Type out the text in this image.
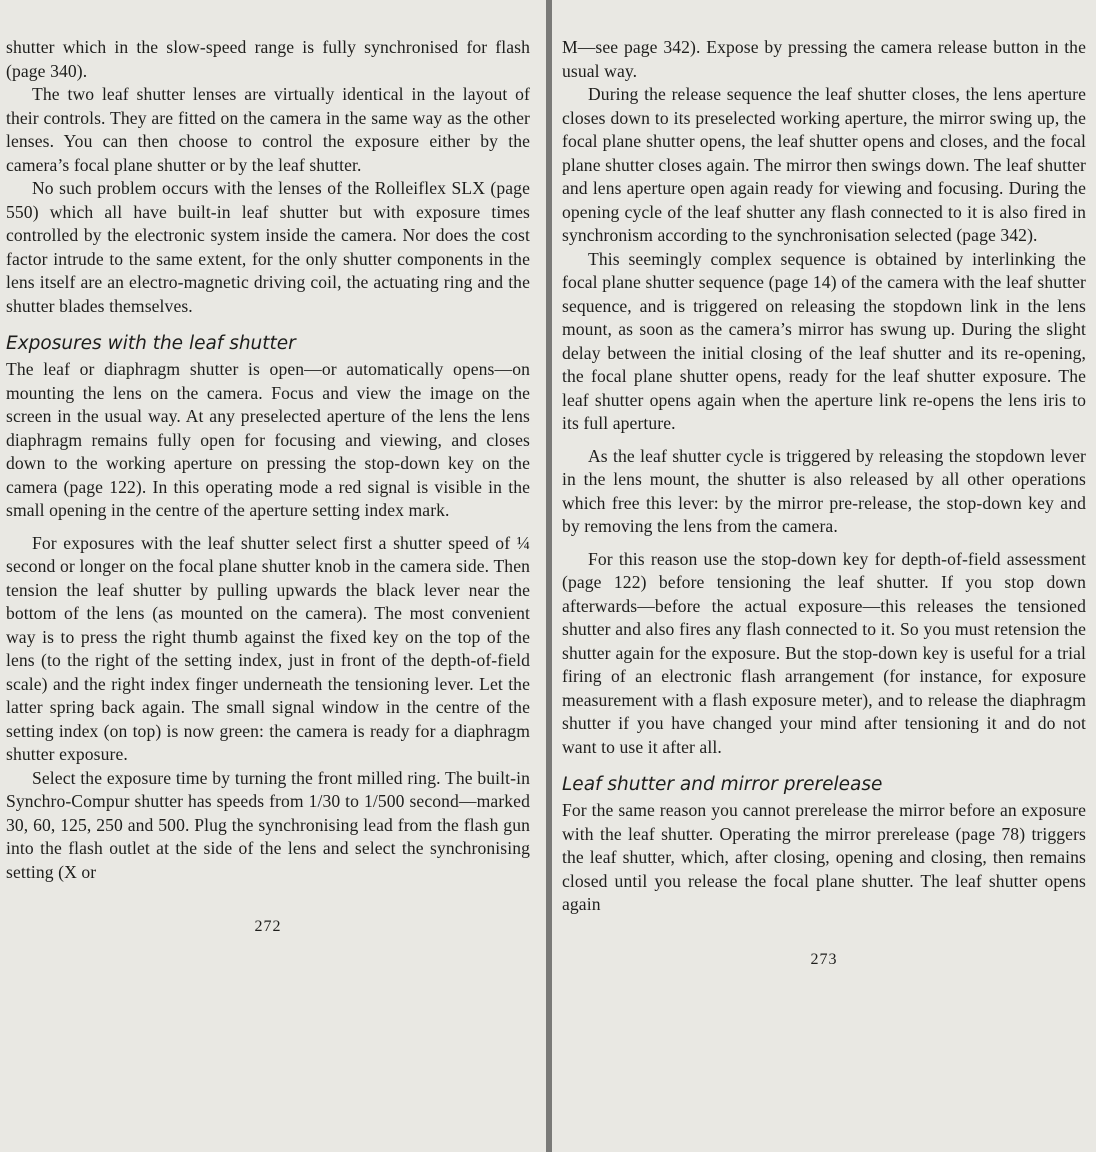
shutter which in the slow-speed range is fully synchronised for flash (page 340).

The two leaf shutter lenses are virtually identical in the layout of their controls. They are fitted on the camera in the same way as the other lenses. You can then choose to control the exposure either by the camera’s focal plane shutter or by the leaf shutter.

No such problem occurs with the lenses of the Rolleiflex SLX (page 550) which all have built-in leaf shutter but with exposure times controlled by the electronic system inside the camera. Nor does the cost factor intrude to the same extent, for the only shutter components in the lens itself are an electro-magnetic driving coil, the actuating ring and the shutter blades themselves.

Exposures with the leaf shutter

The leaf or diaphragm shutter is open—or automatically opens—on mounting the lens on the camera. Focus and view the image on the screen in the usual way. At any preselected aperture of the lens the lens diaphragm remains fully open for focusing and viewing, and closes down to the working aperture on pressing the stop-down key on the camera (page 122). In this operating mode a red signal is visible in the small opening in the centre of the aperture setting index mark.

For exposures with the leaf shutter select first a shutter speed of ¼ second or longer on the focal plane shutter knob in the camera side. Then tension the leaf shutter by pulling upwards the black lever near the bottom of the lens (as mounted on the camera). The most convenient way is to press the right thumb against the fixed key on the top of the lens (to the right of the setting index, just in front of the depth-of-field scale) and the right index finger underneath the tensioning lever. Let the latter spring back again. The small signal window in the centre of the setting index (on top) is now green: the camera is ready for a diaphragm shutter exposure.

Select the exposure time by turning the front milled ring. The built-in Synchro-Compur shutter has speeds from 1/30 to 1/500 second—marked 30, 60, 125, 250 and 500. Plug the synchronising lead from the flash gun into the flash outlet at the side of the lens and select the synchronising setting (X or

272

M—see page 342). Expose by pressing the camera release button in the usual way.

During the release sequence the leaf shutter closes, the lens aperture closes down to its preselected working aperture, the mirror swing up, the focal plane shutter opens, the leaf shutter opens and closes, and the focal plane shutter closes again. The mirror then swings down. The leaf shutter and lens aperture open again ready for viewing and focusing. During the opening cycle of the leaf shutter any flash connected to it is also fired in synchronism according to the synchronisation selected (page 342).

This seemingly complex sequence is obtained by interlinking the focal plane shutter sequence (page 14) of the camera with the leaf shutter sequence, and is triggered on releasing the stopdown link in the lens mount, as soon as the camera’s mirror has swung up. During the slight delay between the initial closing of the leaf shutter and its re-opening, the focal plane shutter opens, ready for the leaf shutter exposure. The leaf shutter opens again when the aperture link re-opens the lens iris to its full aperture.

As the leaf shutter cycle is triggered by releasing the stopdown lever in the lens mount, the shutter is also released by all other operations which free this lever: by the mirror pre-release, the stop-down key and by removing the lens from the camera.

For this reason use the stop-down key for depth-of-field assessment (page 122) before tensioning the leaf shutter. If you stop down afterwards—before the actual exposure—this releases the tensioned shutter and also fires any flash connected to it. So you must retension the shutter again for the exposure. But the stop-down key is useful for a trial firing of an electronic flash arrangement (for instance, for exposure measurement with a flash exposure meter), and to release the diaphragm shutter if you have changed your mind after tensioning it and do not want to use it after all.

Leaf shutter and mirror prerelease

For the same reason you cannot prerelease the mirror before an exposure with the leaf shutter. Operating the mirror prerelease (page 78) triggers the leaf shutter, which, after closing, opening and closing, then remains closed until you release the focal plane shutter. The leaf shutter opens again

273
